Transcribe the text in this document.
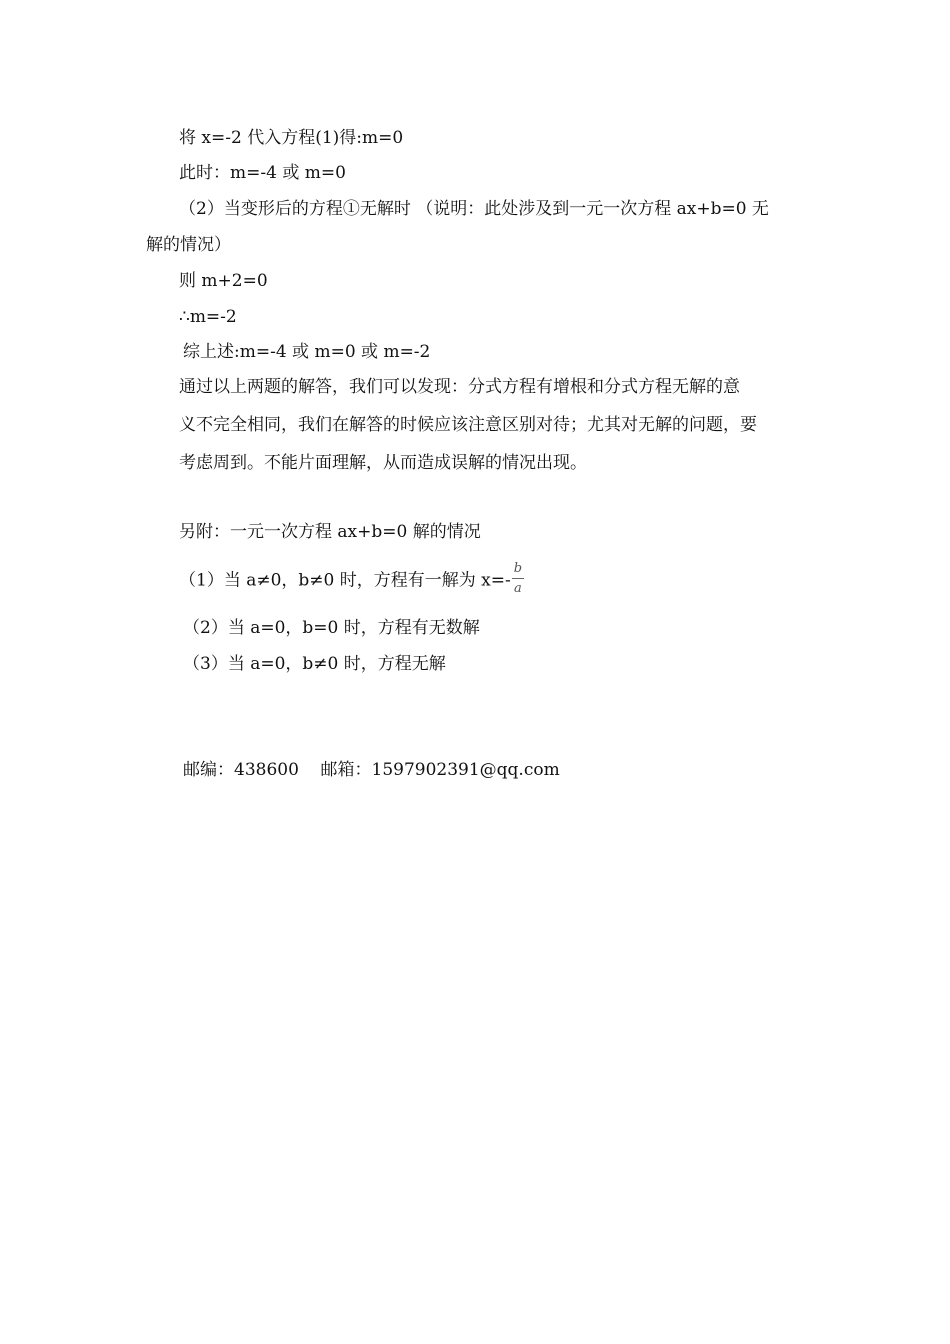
将 x=-2 代入方程(1)得:m=0
此时：m=-4 或 m=0
（2）当变形后的方程①无解时 （说明：此处涉及到一元一次方程 ax+b=0 无
解的情况）
则 m+2=0
∴m=-2
综上述:m=-4 或 m=0 或 m=-2
通过以上两题的解答，我们可以发现：分式方程有增根和分式方程无解的意
义不完全相同，我们在解答的时候应该注意区别对待；尤其对无解的问题，要
考虑周到。不能片面理解，从而造成误解的情况出现。
另附：一元一次方程 ax+b=0 解的情况
（1）当 a≠0，b≠0 时，方程有一解为 $x=- \frac{b}{a}$
（2）当 a=0，b=0 时，方程有无数解
（3）当 a=0，b≠0 时，方程无解
邮编：438600    邮箱：1597902391@qq.com
